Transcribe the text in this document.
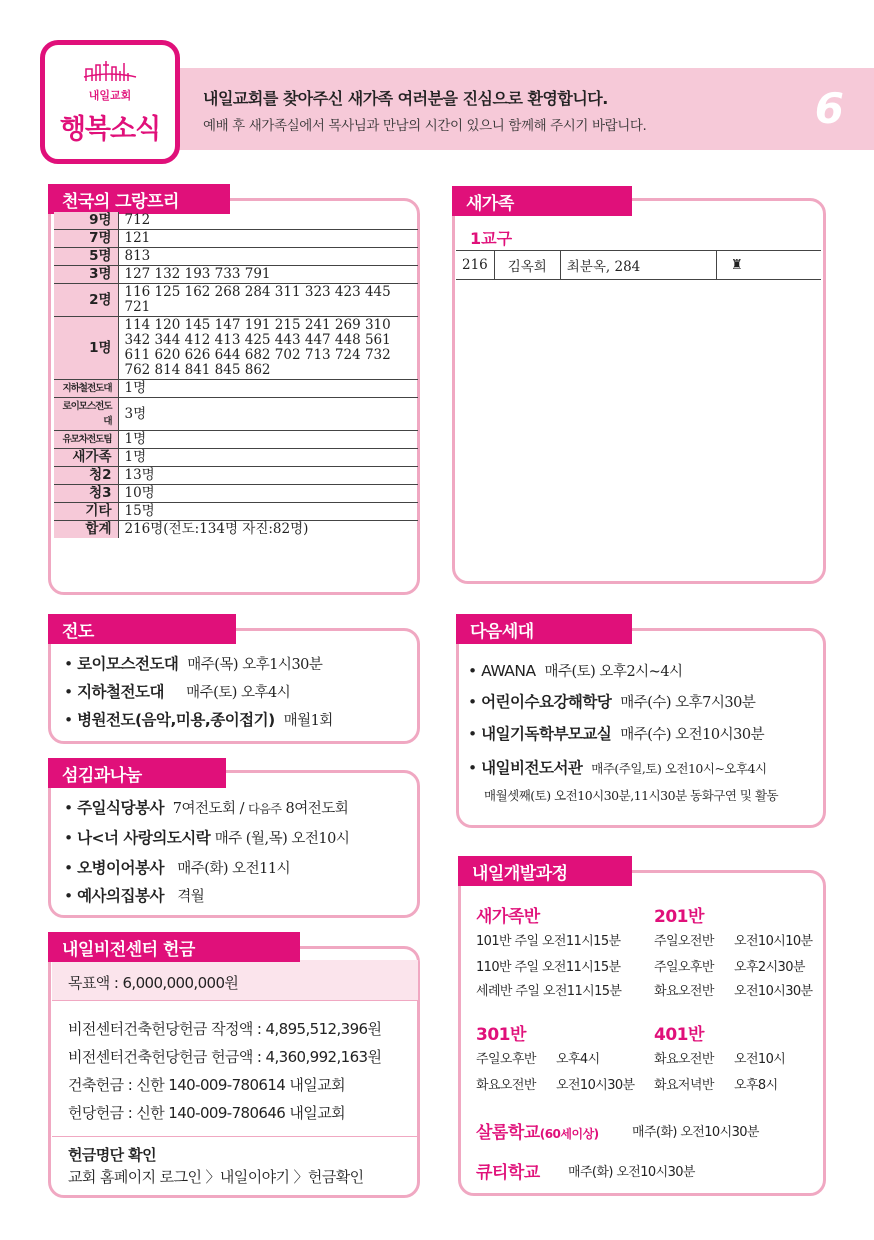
내일교회
행복소식
내일교회를 찾아주신 새가족 여러분을 진심으로 환영합니다.
예배 후 새가족실에서 목사님과 만남의 시간이 있으니 함께해 주시기 바랍니다.	6
천국의 그랑프리
9명	712
7명	121
5명	813
3명	127 132 193 733 791
2명	116 125 162 268 284 311 323 423 445 721
1명	114 120 145 147 191 215 241 269 310 342 344 412 413 425 443 447 448 561 611 620 626 644 682 702 713 724 732 762 814 841 845 862
지하철전도대	1명
로이모스전도대	3명
유모차전도팀	1명
새가족	1명
청2	13명
청3	10명
기타	15명
합계	216명(전도:134명 자진:82명)
새가족
1교구
216	김옥희	최분옥, 284	♜
전도
• 로이모스전도대 매주(목) 오후1시30분
• 지하철전도대 매주(토) 오후4시
• 병원전도(음악,미용,종이접기) 매월1회
다음세대
• AWANA 매주(토) 오후2시~4시
• 어린이수요강해학당 매주(수) 오후7시30분
• 내일기독학부모교실 매주(수) 오전10시30분
• 내일비전도서관 매주(주일,토) 오전10시~오후4시
매월셋째(토) 오전10시30분,11시30분 동화구연 및 활동
섬김과나눔
• 주일식당봉사 7여전도회 / 다음주 8여전도회
• 나<너 사랑의도시락 매주 (월,목) 오전10시
• 오병이어봉사 매주(화) 오전11시
• 예사의집봉사 격월
내일비전센터 헌금
목표액 : 6,000,000,000원
비전센터건축헌당헌금 작정액 : 4,895,512,396원
비전센터건축헌당헌금 헌금액 : 4,360,992,163원
건축헌금 : 신한 140-009-780614 내일교회
헌당헌금 : 신한 140-009-780646 내일교회
헌금명단 확인
교회 홈페이지 로그인 〉내일이야기 〉헌금확인
내일개발과정
새가족반
101반 주일 오전11시15분
110반 주일 오전11시15분
세례반 주일 오전11시15분
201반
주일오전반 오전10시10분
주일오후반 오후2시30분
화요오전반 오전10시30분
301반
주일오후반 오후4시
화요오전반 오전10시30분
401반
화요오전반 오전10시
화요저녁반 오후8시
살롬학교(60세이상)	매주(화) 오전10시30분
큐티학교 매주(화) 오전10시30분
